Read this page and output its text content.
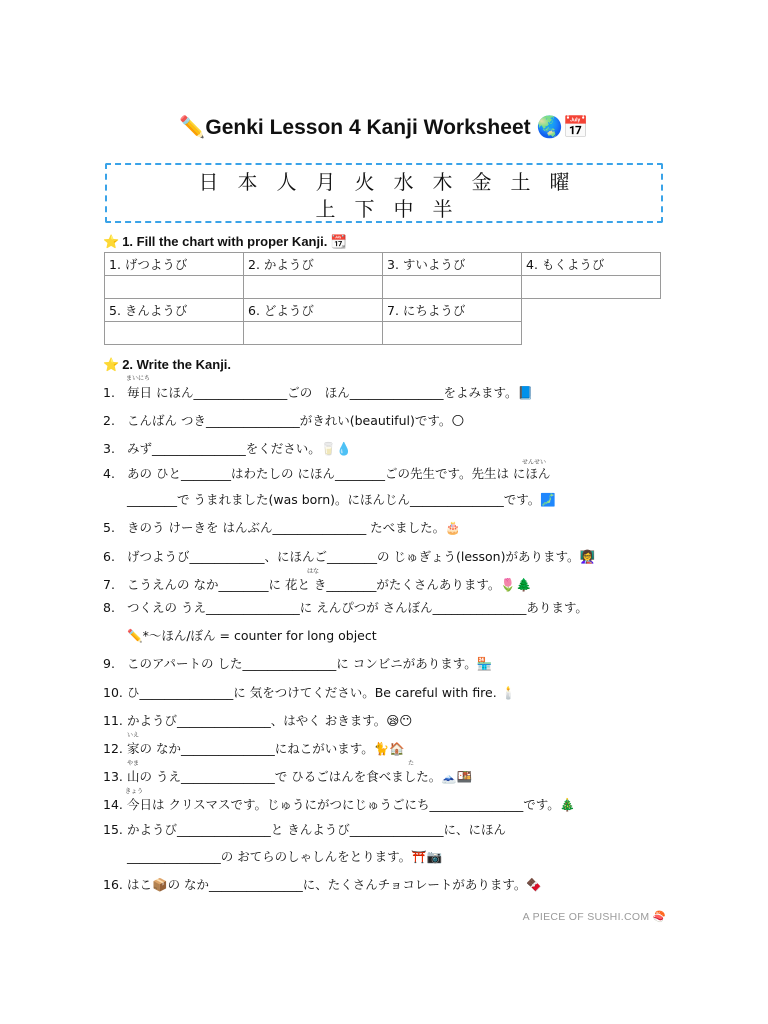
✏️Genki Lesson 4 Kanji Worksheet 🌏📅
日 本 人 月 火 水 木 金 土 曜
上 下 中 半
⭐ 1. Fill the chart with proper Kanji. 📆
1. げつようび	2. かようび	3. すいようび	4. もくようび

5. きんようび	6. どようび	7. にちようび	

⭐ 2. Write the Kanji.
まいにち
せんせい
はな
いえ
やま	た
きょう
1. 毎日 にほん_______________ごの　ほん_______________をよみます。📘
2. こんばん つき_______________がきれい(beautiful)です。🌕
3. みず_______________をください。🥛💧
4. あの ひと________はわたしの にほん________ごの先生です。先生は にほん
________で うまれました(was born)。にほんじん_______________です。🗾
5. きのう けーきを はんぶん_______________ たべました。🎂
6. げつようび____________、にほんご________の じゅぎょう(lesson)があります。👩‍🏫
7. こうえんの なか________に 花と き________がたくさんあります。🌷🌲
8. つくえの うえ_______________に えんぴつが さんぼん_______________あります。
✏️*〜ほん/ぼん = counter for long object
9. このアパートの した_______________に コンビニがあります。🏪
10. ひ_______________に 気をつけてください。Be careful with fire. 🕯️
11. かようび_______________、はやく おきます。😪😶
12. 家の なか_______________にねこがいます。🐈🏠
13. 山の うえ_______________で ひるごはんを食べました。🗻🍱
14. 今日は クリスマスです。じゅうにがつにじゅうごにち_______________です。🎄
15. かようび_______________と きんようび_______________に、にほん
_______________の おてらのしゃしんをとります。⛩️📷
16. はこ📦の なか_______________に、たくさんチョコレートがあります。🍫
A PIECE OF SUSHI.COM 🍣
